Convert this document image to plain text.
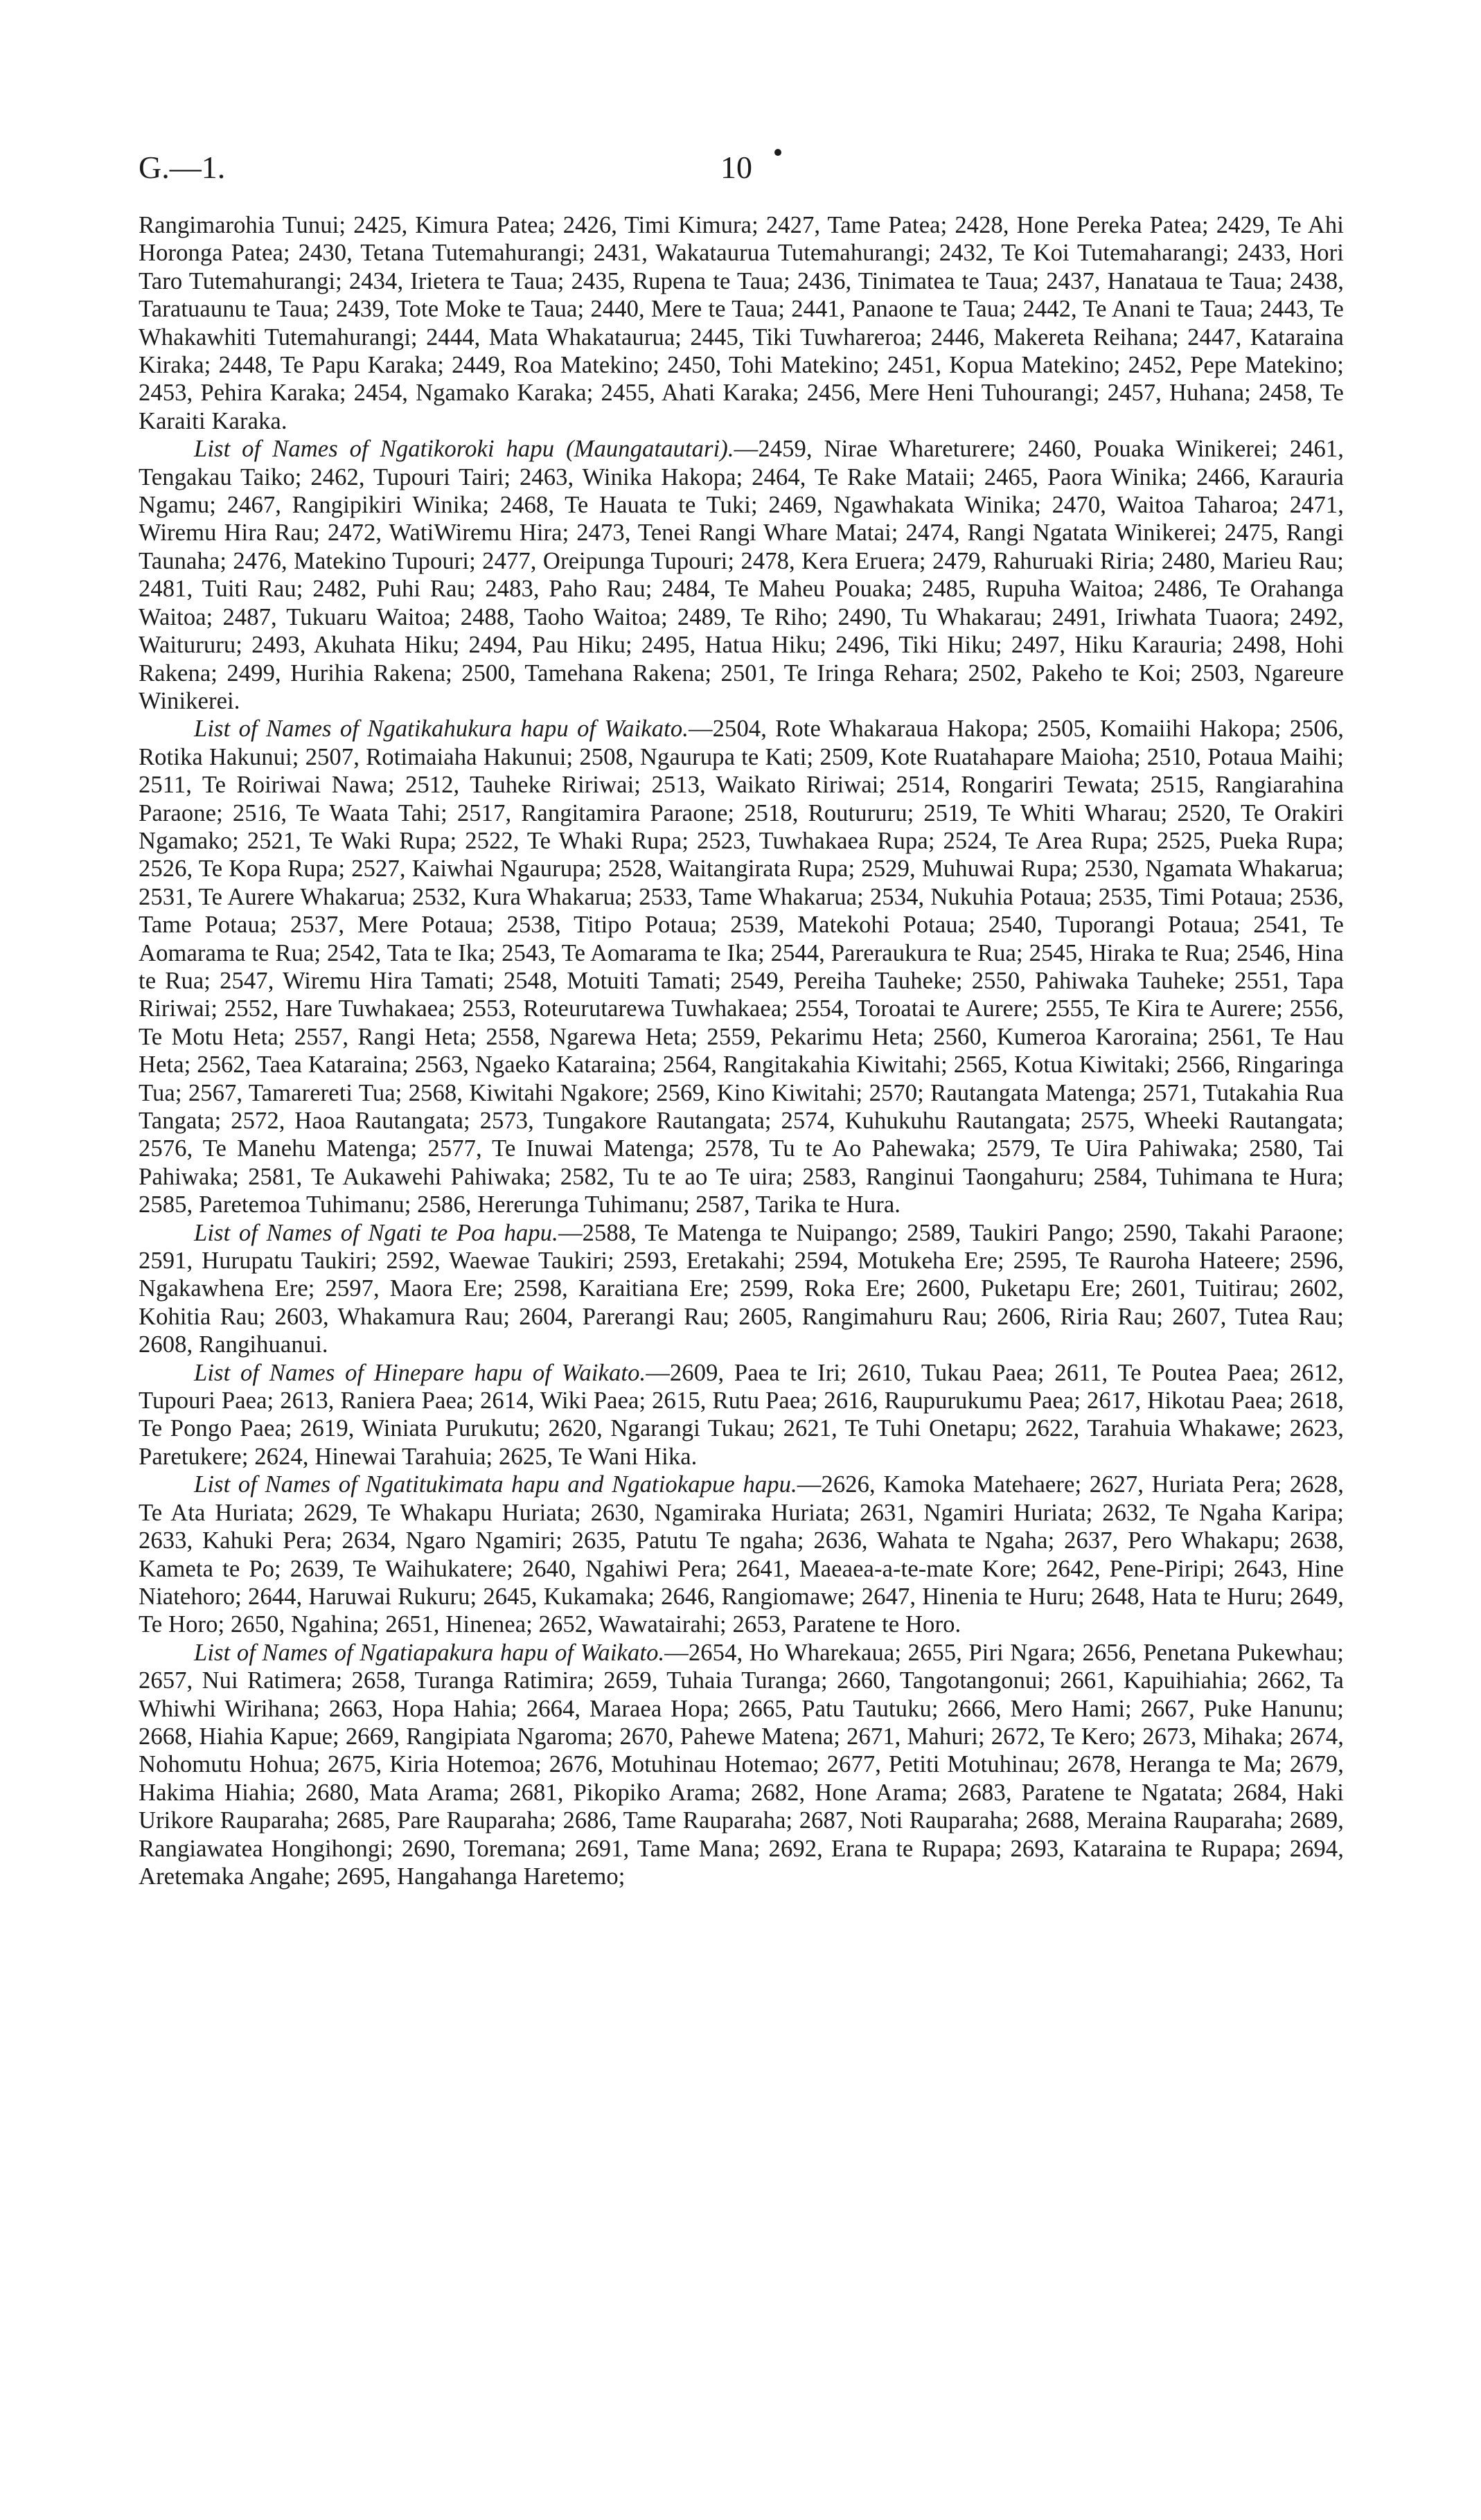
G.—1.	10

Rangimarohia Tunui; 2425, Kimura Patea; 2426, Timi Kimura; 2427, Tame Patea; 2428, Hone Pereka Patea; 2429, Te Ahi Horonga Patea; 2430, Tetana Tutemahurangi; 2431, Wakataurua Tutemahurangi; 2432, Te Koi Tutemaharangi; 2433, Hori Taro Tutemahurangi; 2434, Irietera te Taua; 2435, Rupena te Taua; 2436, Tinimatea te Taua; 2437, Hanataua te Taua; 2438, Taratuaunu te Taua; 2439, Tote Moke te Taua; 2440, Mere te Taua; 2441, Panaone te Taua; 2442, Te Anani te Taua; 2443, Te Whakawhiti Tutemahurangi; 2444, Mata Whakataurua; 2445, Tiki Tuwhareroa; 2446, Makereta Reihana; 2447, Kataraina Kiraka; 2448, Te Papu Karaka; 2449, Roa Matekino; 2450, Tohi Matekino; 2451, Kopua Matekino; 2452, Pepe Matekino; 2453, Pehira Karaka; 2454, Ngamako Karaka; 2455, Ahati Karaka; 2456, Mere Heni Tuhourangi; 2457, Huhana; 2458, Te Karaiti Karaka.

List of Names of Ngatikoroki hapu (Maungatautari).—2459, Nirae Whareturere; 2460, Pouaka Winikerei; 2461, Tengakau Taiko; 2462, Tupouri Tairi; 2463, Winika Hakopa; 2464, Te Rake Mataii; 2465, Paora Winika; 2466, Karauria Ngamu; 2467, Rangipikiri Winika; 2468, Te Hauata te Tuki; 2469, Ngawhakata Winika; 2470, Waitoa Taharoa; 2471, Wiremu Hira Rau; 2472, WatiWiremu Hira; 2473, Tenei Rangi Whare Matai; 2474, Rangi Ngatata Winikerei; 2475, Rangi Taunaha; 2476, Matekino Tupouri; 2477, Oreipunga Tupouri; 2478, Kera Eruera; 2479, Rahuruaki Riria; 2480, Marieu Rau; 2481, Tuiti Rau; 2482, Puhi Rau; 2483, Paho Rau; 2484, Te Maheu Pouaka; 2485, Rupuha Waitoa; 2486, Te Orahanga Waitoa; 2487, Tukuaru Waitoa; 2488, Taoho Waitoa; 2489, Te Riho; 2490, Tu Whakarau; 2491, Iriwhata Tuaora; 2492, Waitururu; 2493, Akuhata Hiku; 2494, Pau Hiku; 2495, Hatua Hiku; 2496, Tiki Hiku; 2497, Hiku Karauria; 2498, Hohi Rakena; 2499, Hurihia Rakena; 2500, Tamehana Rakena; 2501, Te Iringa Rehara; 2502, Pakeho te Koi; 2503, Ngareure Winikerei.

List of Names of Ngatikahukura hapu of Waikato.—2504, Rote Whakaraua Hakopa; 2505, Komaiihi Hakopa; 2506, Rotika Hakunui; 2507, Rotimaiaha Hakunui; 2508, Ngaurupa te Kati; 2509, Kote Ruatahapare Maioha; 2510, Potaua Maihi; 2511, Te Roiriwai Nawa; 2512, Tauheke Ririwai; 2513, Waikato Ririwai; 2514, Rongariri Tewata; 2515, Rangiarahina Paraone; 2516, Te Waata Tahi; 2517, Rangitamira Paraone; 2518, Routururu; 2519, Te Whiti Wharau; 2520, Te Orakiri Ngamako; 2521, Te Waki Rupa; 2522, Te Whaki Rupa; 2523, Tuwhakaea Rupa; 2524, Te Area Rupa; 2525, Pueka Rupa; 2526, Te Kopa Rupa; 2527, Kaiwhai Ngaurupa; 2528, Waitangirata Rupa; 2529, Muhuwai Rupa; 2530, Ngamata Whakarua; 2531, Te Aurere Whakarua; 2532, Kura Whakarua; 2533, Tame Whakarua; 2534, Nukuhia Potaua; 2535, Timi Potaua; 2536, Tame Potaua; 2537, Mere Potaua; 2538, Titipo Potaua; 2539, Matekohi Potaua; 2540, Tuporangi Potaua; 2541, Te Aomarama te Rua; 2542, Tata te Ika; 2543, Te Aomarama te Ika; 2544, Pareraukura te Rua; 2545, Hiraka te Rua; 2546, Hina te Rua; 2547, Wiremu Hira Tamati; 2548, Motuiti Tamati; 2549, Pereiha Tauheke; 2550, Pahiwaka Tauheke; 2551, Tapa Ririwai; 2552, Hare Tuwhakaea; 2553, Roteurutarewa Tuwhakaea; 2554, Toroatai te Aurere; 2555, Te Kira te Aurere; 2556, Te Motu Heta; 2557, Rangi Heta; 2558, Ngarewa Heta; 2559, Pekarimu Heta; 2560, Kumeroa Karoraina; 2561, Te Hau Heta; 2562, Taea Kataraina; 2563, Ngaeko Kataraina; 2564, Rangitakahia Kiwitahi; 2565, Kotua Kiwitaki; 2566, Ringaringa Tua; 2567, Tamarereti Tua; 2568, Kiwitahi Ngakore; 2569, Kino Kiwitahi; 2570; Rautangata Matenga; 2571, Tutakahia Rua Tangata; 2572, Haoa Rautangata; 2573, Tungakore Rautangata; 2574, Kuhukuhu Rautangata; 2575, Wheeki Rautangata; 2576, Te Manehu Matenga; 2577, Te Inuwai Matenga; 2578, Tu te Ao Pahewaka; 2579, Te Uira Pahiwaka; 2580, Tai Pahiwaka; 2581, Te Aukawehi Pahiwaka; 2582, Tu te ao Te uira; 2583, Ranginui Taongahuru; 2584, Tuhimana te Hura; 2585, Paretemoa Tuhimanu; 2586, Hererunga Tuhimanu; 2587, Tarika te Hura.

List of Names of Ngati te Poa hapu.—2588, Te Matenga te Nuipango; 2589, Taukiri Pango; 2590, Takahi Paraone; 2591, Hurupatu Taukiri; 2592, Waewae Taukiri; 2593, Eretakahi; 2594, Motukeha Ere; 2595, Te Rauroha Hateere; 2596, Ngakawhena Ere; 2597, Maora Ere; 2598, Karaitiana Ere; 2599, Roka Ere; 2600, Puketapu Ere; 2601, Tuitirau; 2602, Kohitia Rau; 2603, Whakamura Rau; 2604, Parerangi Rau; 2605, Rangimahuru Rau; 2606, Riria Rau; 2607, Tutea Rau; 2608, Rangihuanui.

List of Names of Hinepare hapu of Waikato.—2609, Paea te Iri; 2610, Tukau Paea; 2611, Te Poutea Paea; 2612, Tupouri Paea; 2613, Raniera Paea; 2614, Wiki Paea; 2615, Rutu Paea; 2616, Raupurukumu Paea; 2617, Hikotau Paea; 2618, Te Pongo Paea; 2619, Winiata Purukutu; 2620, Ngarangi Tukau; 2621, Te Tuhi Onetapu; 2622, Tarahuia Whakawe; 2623, Paretukere; 2624, Hinewai Tarahuia; 2625, Te Wani Hika.

List of Names of Ngatitukimata hapu and Ngatiokapue hapu.—2626, Kamoka Matehaere; 2627, Huriata Pera; 2628, Te Ata Huriata; 2629, Te Whakapu Huriata; 2630, Ngamiraka Huriata; 2631, Ngamiri Huriata; 2632, Te Ngaha Karipa; 2633, Kahuki Pera; 2634, Ngaro Ngamiri; 2635, Patutu Te ngaha; 2636, Wahata te Ngaha; 2637, Pero Whakapu; 2638, Kameta te Po; 2639, Te Waihukatere; 2640, Ngahiwi Pera; 2641, Maeaea-a-te-mate Kore; 2642, Pene-Piripi; 2643, Hine Niatehoro; 2644, Haruwai Rukuru; 2645, Kukamaka; 2646, Rangiomawe; 2647, Hinenia te Huru; 2648, Hata te Huru; 2649, Te Horo; 2650, Ngahina; 2651, Hinenea; 2652, Wawatairahi; 2653, Paratene te Horo.

List of Names of Ngatiapakura hapu of Waikato.—2654, Ho Wharekaua; 2655, Piri Ngara; 2656, Penetana Pukewhau; 2657, Nui Ratimera; 2658, Turanga Ratimira; 2659, Tuhaia Turanga; 2660, Tangotangonui; 2661, Kapuihiahia; 2662, Ta Whiwhi Wirihana; 2663, Hopa Hahia; 2664, Maraea Hopa; 2665, Patu Tautuku; 2666, Mero Hami; 2667, Puke Hanunu; 2668, Hiahia Kapue; 2669, Rangipiata Ngaroma; 2670, Pahewe Matena; 2671, Mahuri; 2672, Te Kero; 2673, Mihaka; 2674, Nohomutu Hohua; 2675, Kiria Hotemoa; 2676, Motuhinau Hotemao; 2677, Petiti Motuhinau; 2678, Heranga te Ma; 2679, Hakima Hiahia; 2680, Mata Arama; 2681, Pikopiko Arama; 2682, Hone Arama; 2683, Paratene te Ngatata; 2684, Haki Urikore Rauparaha; 2685, Pare Rauparaha; 2686, Tame Rauparaha; 2687, Noti Rauparaha; 2688, Meraina Rauparaha; 2689, Rangiawatea Hongihongi; 2690, Toremana; 2691, Tame Mana; 2692, Erana te Rupapa; 2693, Kataraina te Rupapa; 2694, Aretemaka Angahe; 2695, Hangahanga Haretemo;
